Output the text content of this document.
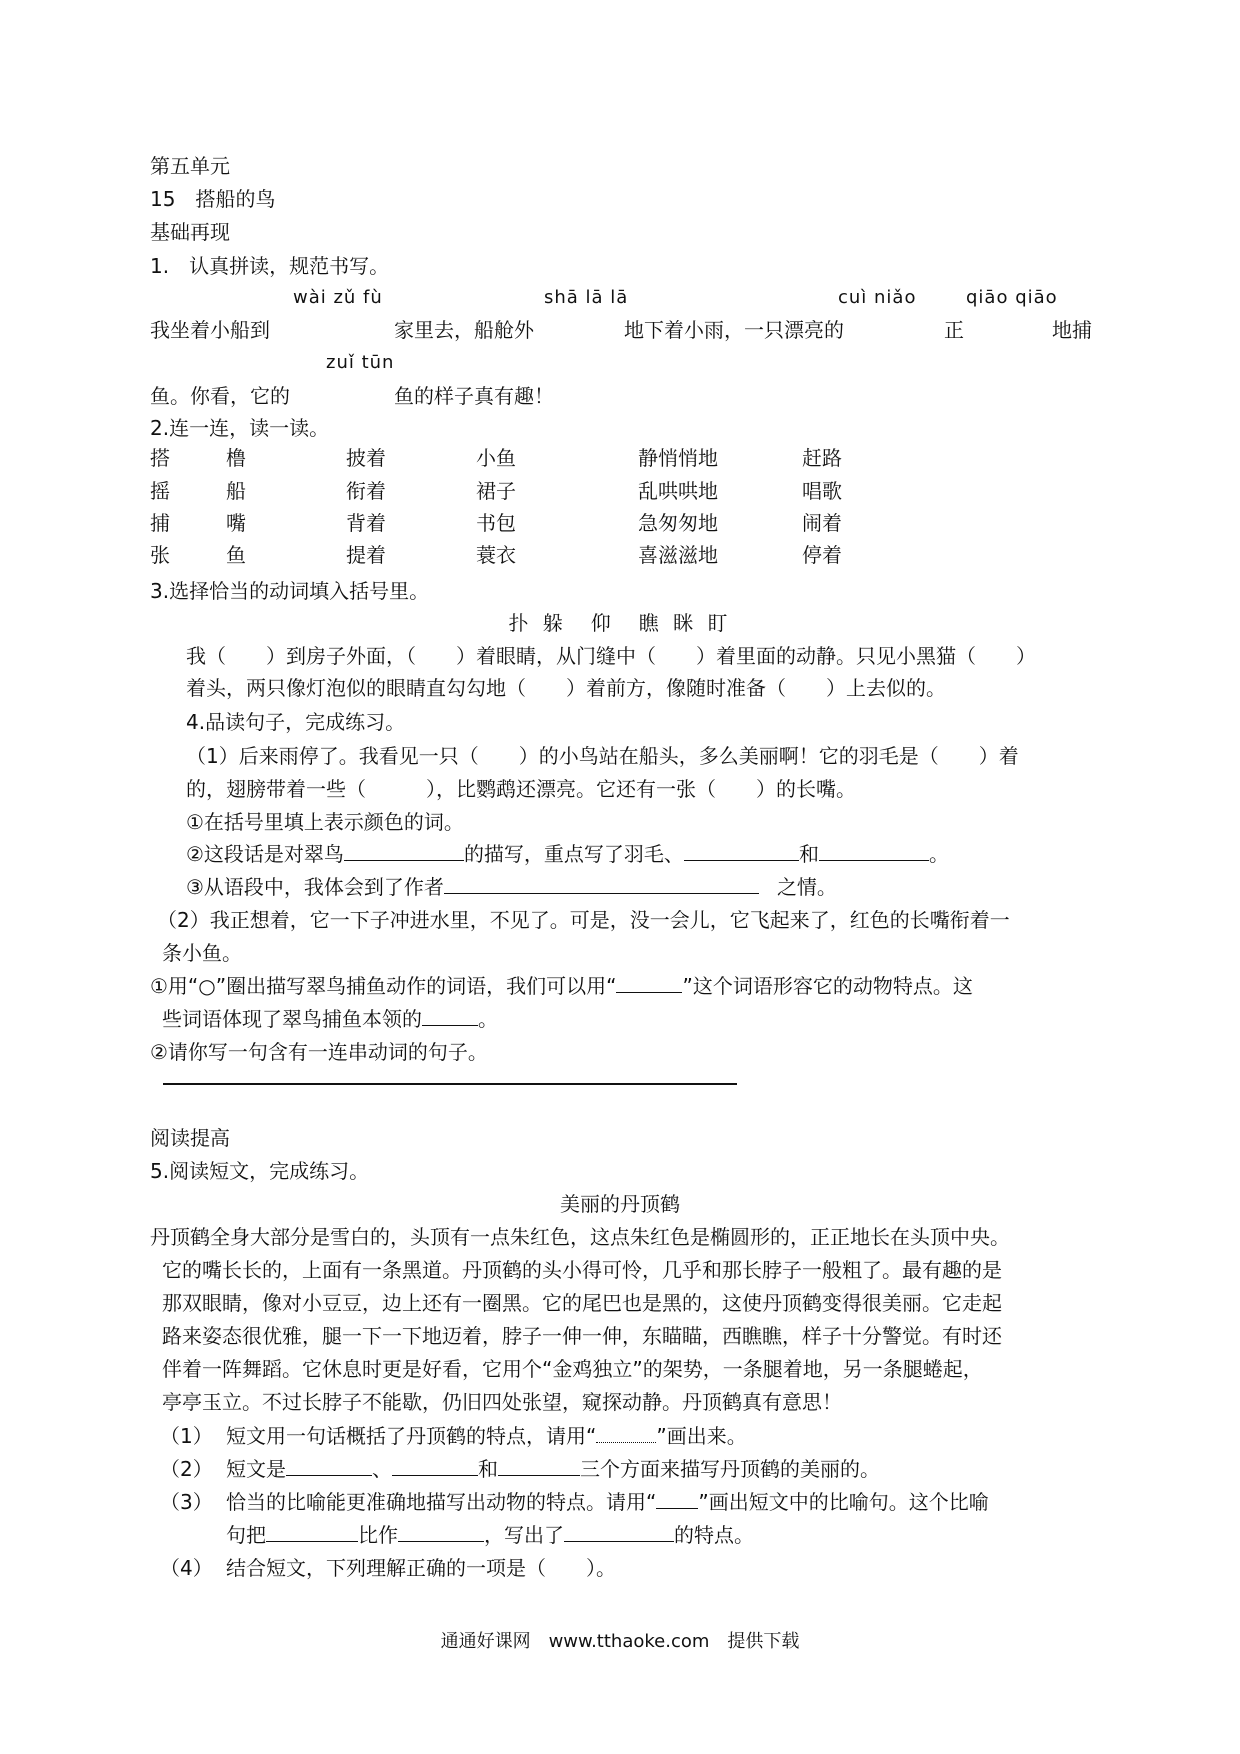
第五单元
15　搭船的鸟
基础再现
1.　认真拼读，规范书写。
wài zǔ fù	shā lā lā	cuì niǎo	qiāo qiāo
我坐着小船到	家里去，船舱外	地下着小雨，一只漂亮的	正	地捕
zuǐ tūn
鱼。你看，它的	鱼的样子真有趣！
2.连一连，读一读。
搭	橹	披着	小鱼	静悄悄地	赶路
摇	船	衔着	裙子	乱哄哄地	唱歌
捕	嘴	背着	书包	急匆匆地	闹着
张	鱼	提着	蓑衣	喜滋滋地	停着
3.选择恰当的动词填入括号里。
扑 躲　仰　瞧 眯 盯
我（　　）到房子外面，（　　）着眼睛，从门缝中（　　）着里面的动静。只见小黑猫（　　）
着头，两只像灯泡似的眼睛直勾勾地（　　）着前方，像随时准备（　　）上去似的。
4.品读句子，完成练习。
（1）后来雨停了。我看见一只（　　）的小鸟站在船头，多么美丽啊！它的羽毛是（　　）着
的，翅膀带着一些（　　　），比鹦鹉还漂亮。它还有一张（　　）的长嘴。
①在括号里填上表示颜色的词。
②这段话是对翠鸟	的描写，重点写了羽毛、	和	。
③从语段中，我体会到了作者	之情。
（2）我正想着，它一下子冲进水里，不见了。可是，没一会儿，它飞起来了，红色的长嘴衔着一
条小鱼。
①用“○”圈出描写翠鸟捕鱼动作的词语，我们可以用“	”这个词语形容它的动物特点。这
些词语体现了翠鸟捕鱼本领的	。
②请你写一句含有一连串动词的句子。
阅读提高
5.阅读短文，完成练习。
美丽的丹顶鹤
丹顶鹤全身大部分是雪白的，头顶有一点朱红色，这点朱红色是椭圆形的，正正地长在头顶中央。
它的嘴长长的，上面有一条黑道。丹顶鹤的头小得可怜，几乎和那长脖子一般粗了。最有趣的是
那双眼睛，像对小豆豆，边上还有一圈黑。它的尾巴也是黑的，这使丹顶鹤变得很美丽。它走起
路来姿态很优雅，腿一下一下地迈着，脖子一伸一伸，东瞄瞄，西瞧瞧，样子十分警觉。有时还
伴着一阵舞蹈。它休息时更是好看，它用个“金鸡独立”的架势，一条腿着地，另一条腿蜷起，
亭亭玉立。不过长脖子不能歇，仍旧四处张望，窥探动静。丹顶鹤真有意思！
（1） 短文用一句话概括了丹顶鹤的特点，请用“	”画出来。
（2） 短文是	、	和	三个方面来描写丹顶鹤的美丽的。
（3） 恰当的比喻能更准确地描写出动物的特点。请用“ ”画出短文中的比喻句。这个比喻
句把	比作	，写出了	的特点。
（4） 结合短文，下列理解正确的一项是（　　）。
通通好课网　www.tthaoke.com　提供下载
